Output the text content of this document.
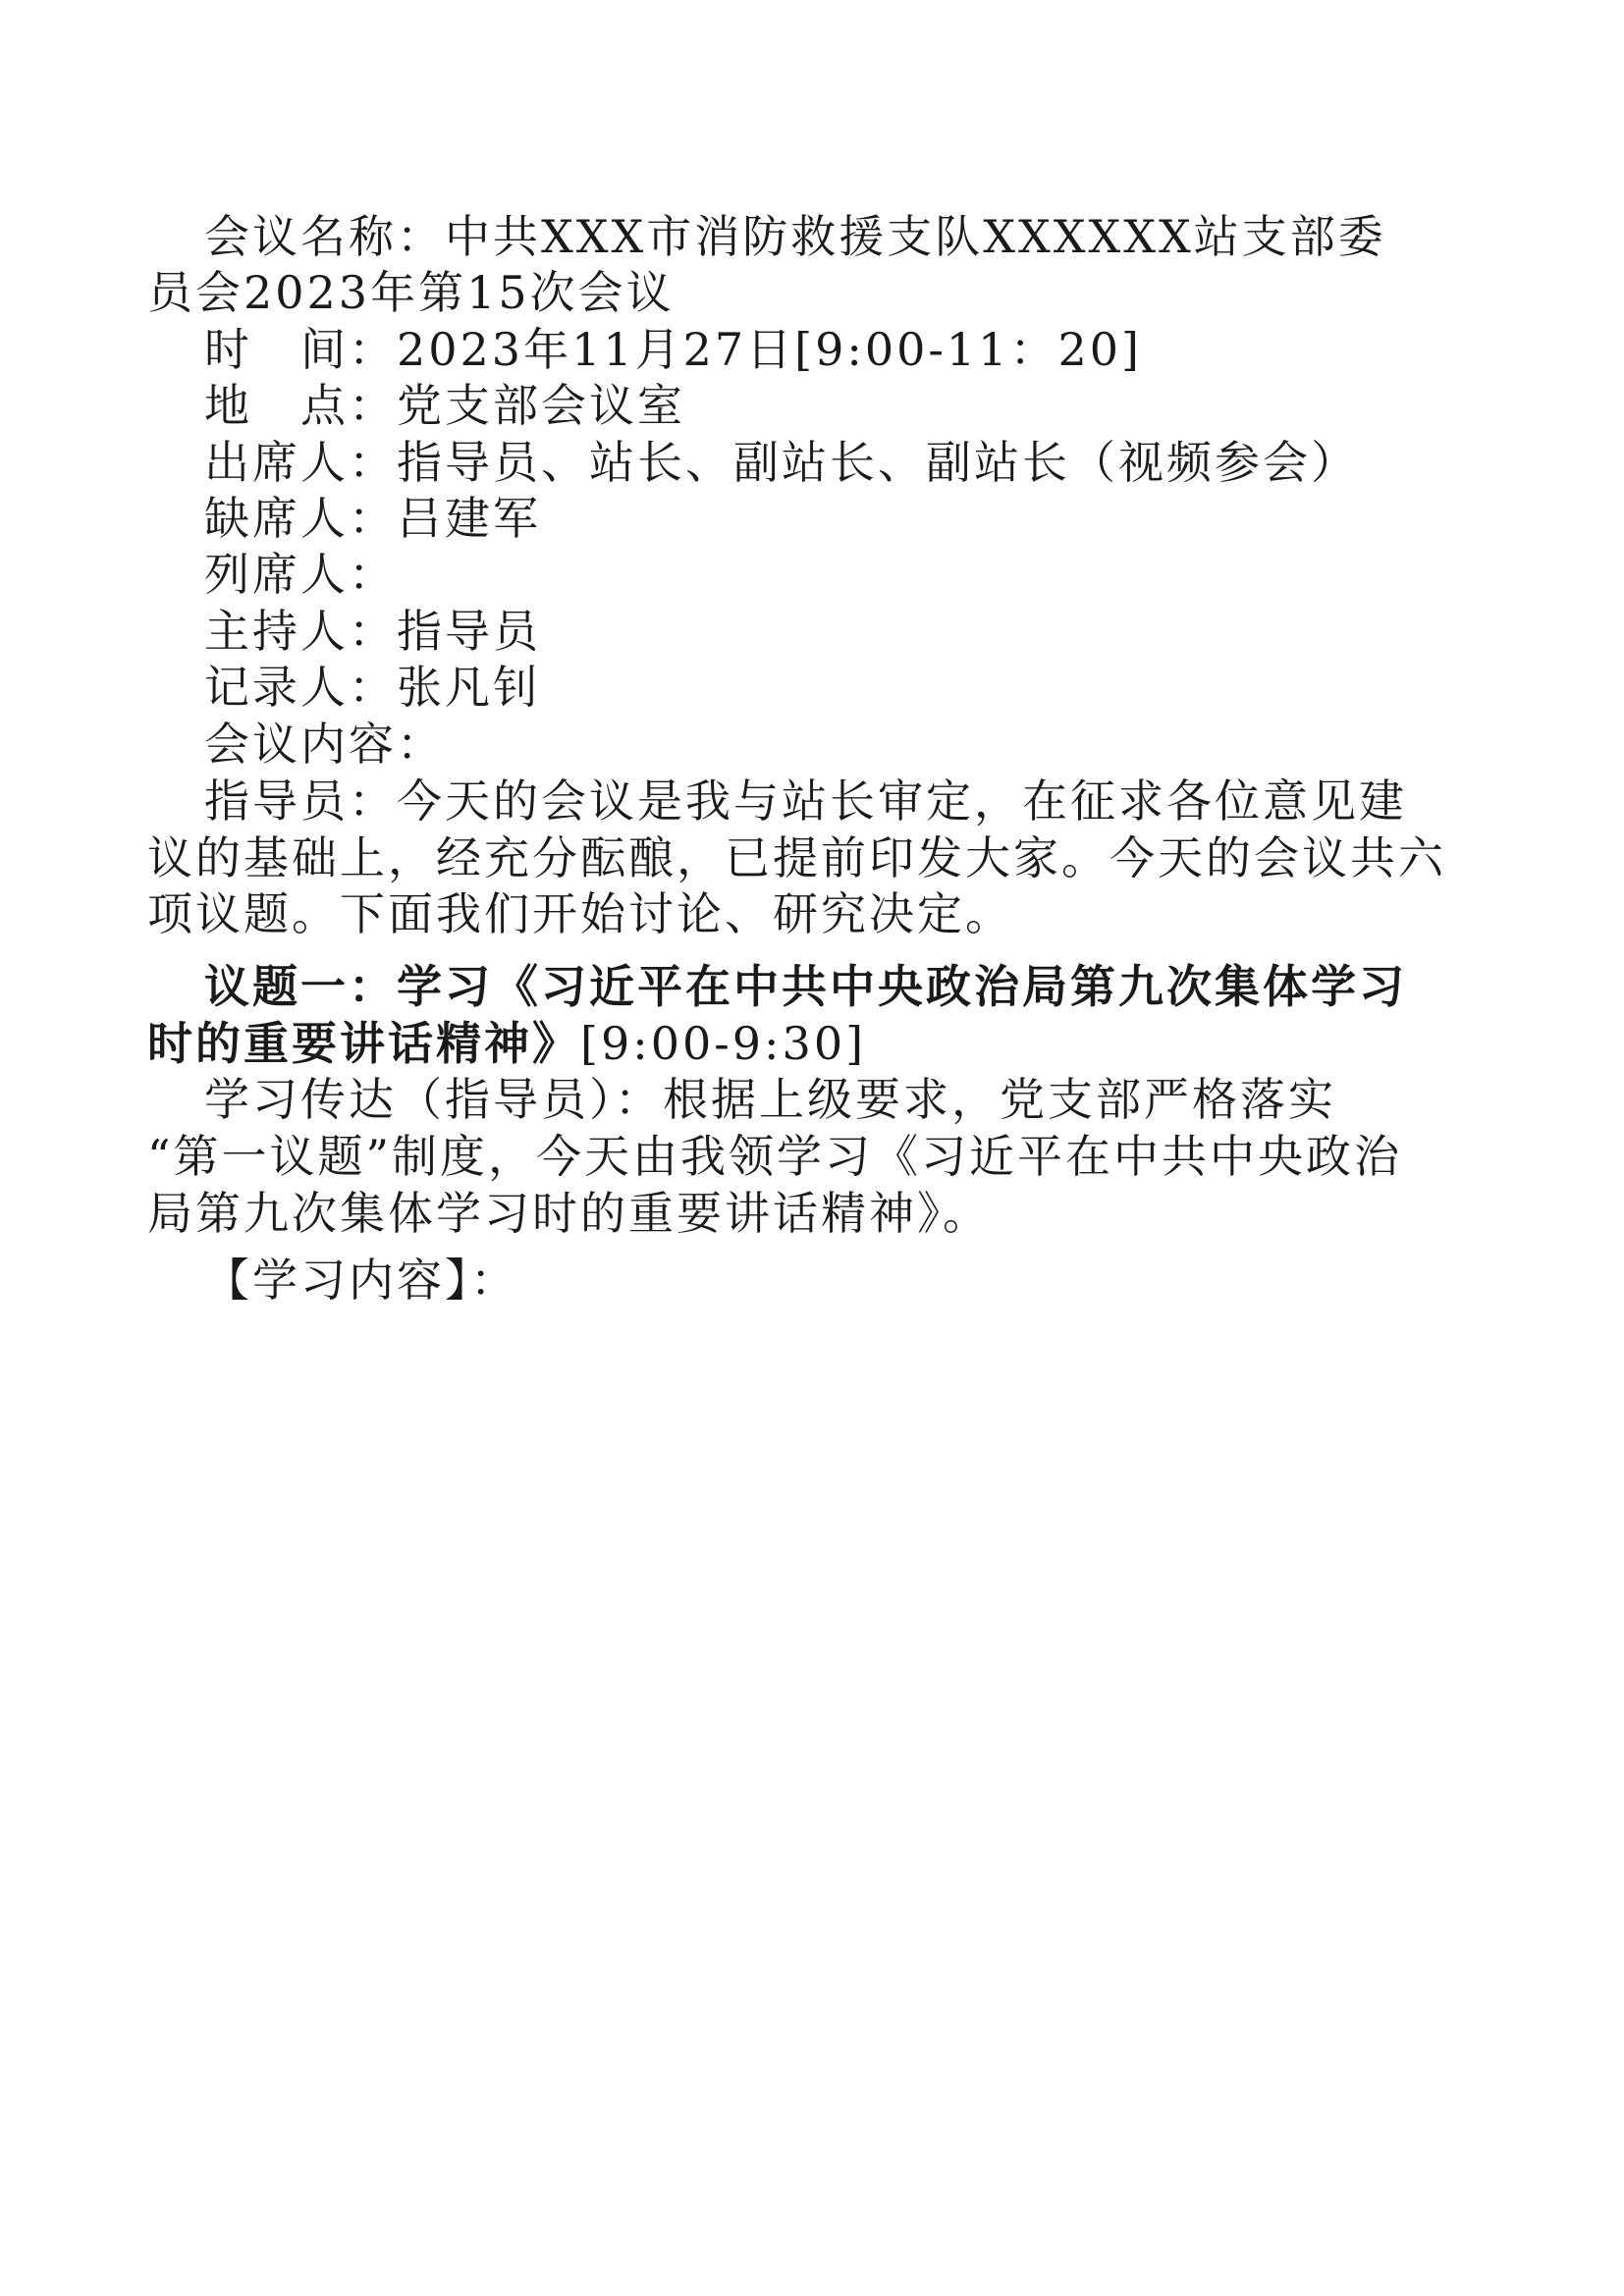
会议名称：中共XXX市消防救援支队XXXXXX站支部委
员会2023年第15次会议
时　间：2023年11月27日[9:00-11：20]
地　点：党支部会议室
出席人：指导员、站长、副站长、副站长（视频参会）
缺席人：吕建军
列席人：
主持人：指导员
记录人：张凡钊
会议内容：
指导员：今天的会议是我与站长审定，在征求各位意见建
议的基础上，经充分酝酿，已提前印发大家。今天的会议共六
项议题。下面我们开始讨论、研究决定。
议题一：学习《习近平在中共中央政治局第九次集体学习
时的重要讲话精神》[9:00-9:30]
学习传达（指导员）：根据上级要求，党支部严格落实
“第一议题”制度，今天由我领学习《习近平在中共中央政治
局第九次集体学习时的重要讲话精神》。
【学习内容】：
